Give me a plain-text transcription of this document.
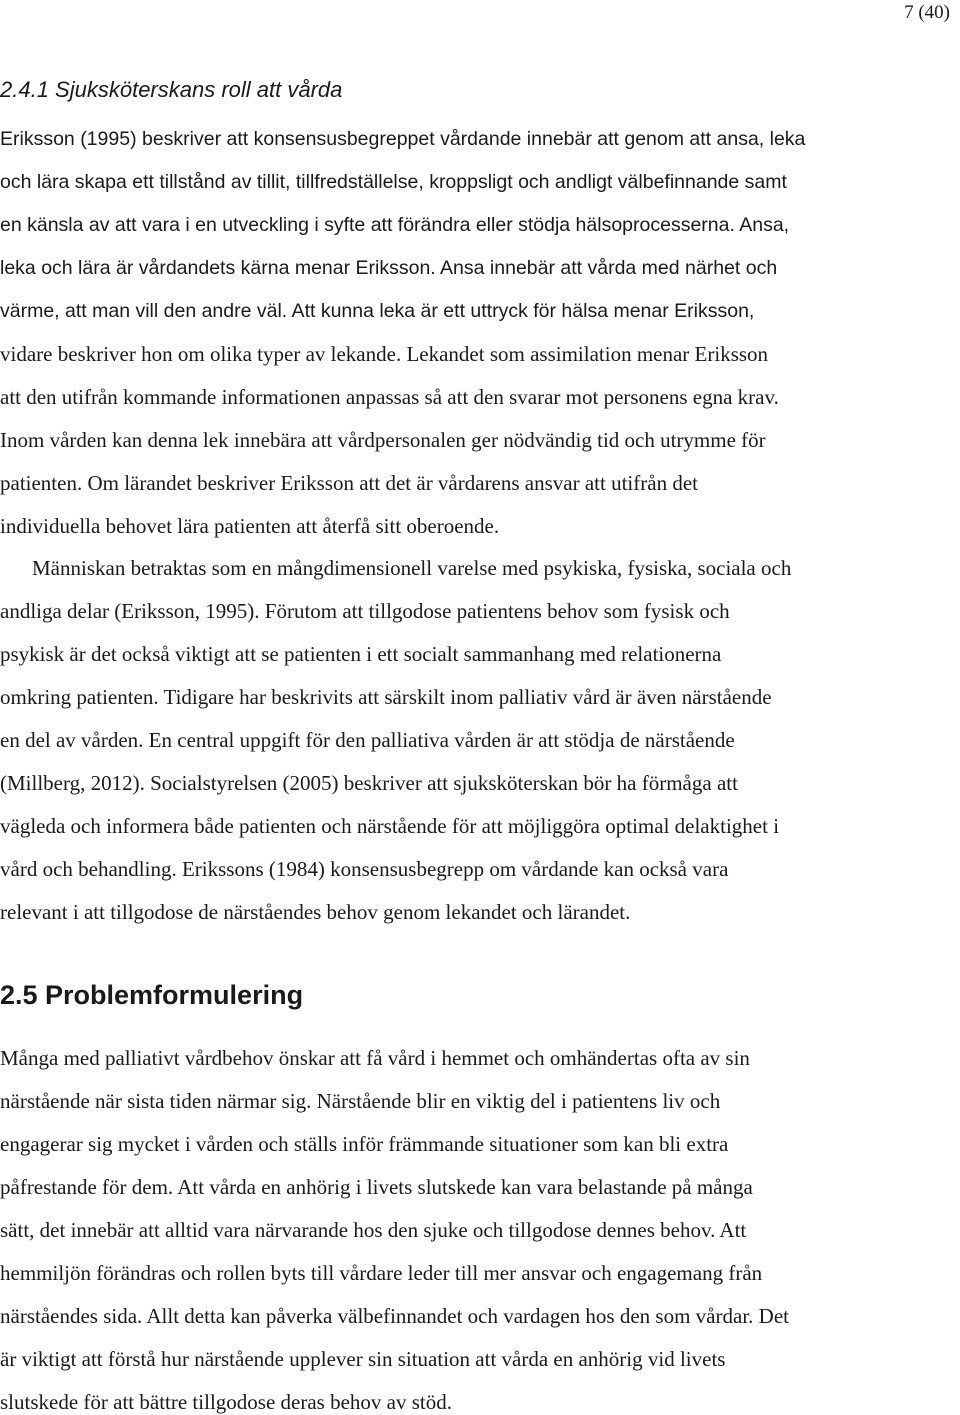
7 (40)
2.4.1 Sjuksköterskans roll att vårda
Eriksson (1995) beskriver att konsensusbegreppet vårdande innebär att genom att ansa, leka
och lära skapa ett tillstånd av tillit, tillfredställelse, kroppsligt och andligt välbefinnande samt
en känsla av att vara i en utveckling i syfte att förändra eller stödja hälsoprocesserna. Ansa,
leka och lära är vårdandets kärna menar Eriksson. Ansa innebär att vårda med närhet och
värme, att man vill den andre väl. Att kunna leka är ett uttryck för hälsa menar Eriksson,
vidare beskriver hon om olika typer av lekande. Lekandet som assimilation menar Eriksson
att den utifrån kommande informationen anpassas så att den svarar mot personens egna krav.
Inom vården kan denna lek innebära att vårdpersonalen ger nödvändig tid och utrymme för
patienten. Om lärandet beskriver Eriksson att det är vårdarens ansvar att utifrån det
individuella behovet lära patienten att återfå sitt oberoende.
Människan betraktas som en mångdimensionell varelse med psykiska, fysiska, sociala och
andliga delar (Eriksson, 1995). Förutom att tillgodose patientens behov som fysisk och
psykisk är det också viktigt att se patienten i ett socialt sammanhang med relationerna
omkring patienten. Tidigare har beskrivits att särskilt inom palliativ vård är även närstående
en del av vården. En central uppgift för den palliativa vården är att stödja de närstående
(Millberg, 2012). Socialstyrelsen (2005) beskriver att sjuksköterskan bör ha förmåga att
vägleda och informera både patienten och närstående för att möjliggöra optimal delaktighet i
vård och behandling. Erikssons (1984) konsensusbegrepp om vårdande kan också vara
relevant i att tillgodose de närståendes behov genom lekandet och lärandet.
2.5 Problemformulering
Många med palliativt vårdbehov önskar att få vård i hemmet och omhändertas ofta av sin
närstående när sista tiden närmar sig. Närstående blir en viktig del i patientens liv och
engagerar sig mycket i vården och ställs inför främmande situationer som kan bli extra
påfrestande för dem. Att vårda en anhörig i livets slutskede kan vara belastande på många
sätt, det innebär att alltid vara närvarande hos den sjuke och tillgodose dennes behov. Att
hemmiljön förändras och rollen byts till vårdare leder till mer ansvar och engagemang från
närståendes sida. Allt detta kan påverka välbefinnandet och vardagen hos den som vårdar. Det
är viktigt att förstå hur närstående upplever sin situation att vårda en anhörig vid livets
slutskede för att bättre tillgodose deras behov av stöd.
